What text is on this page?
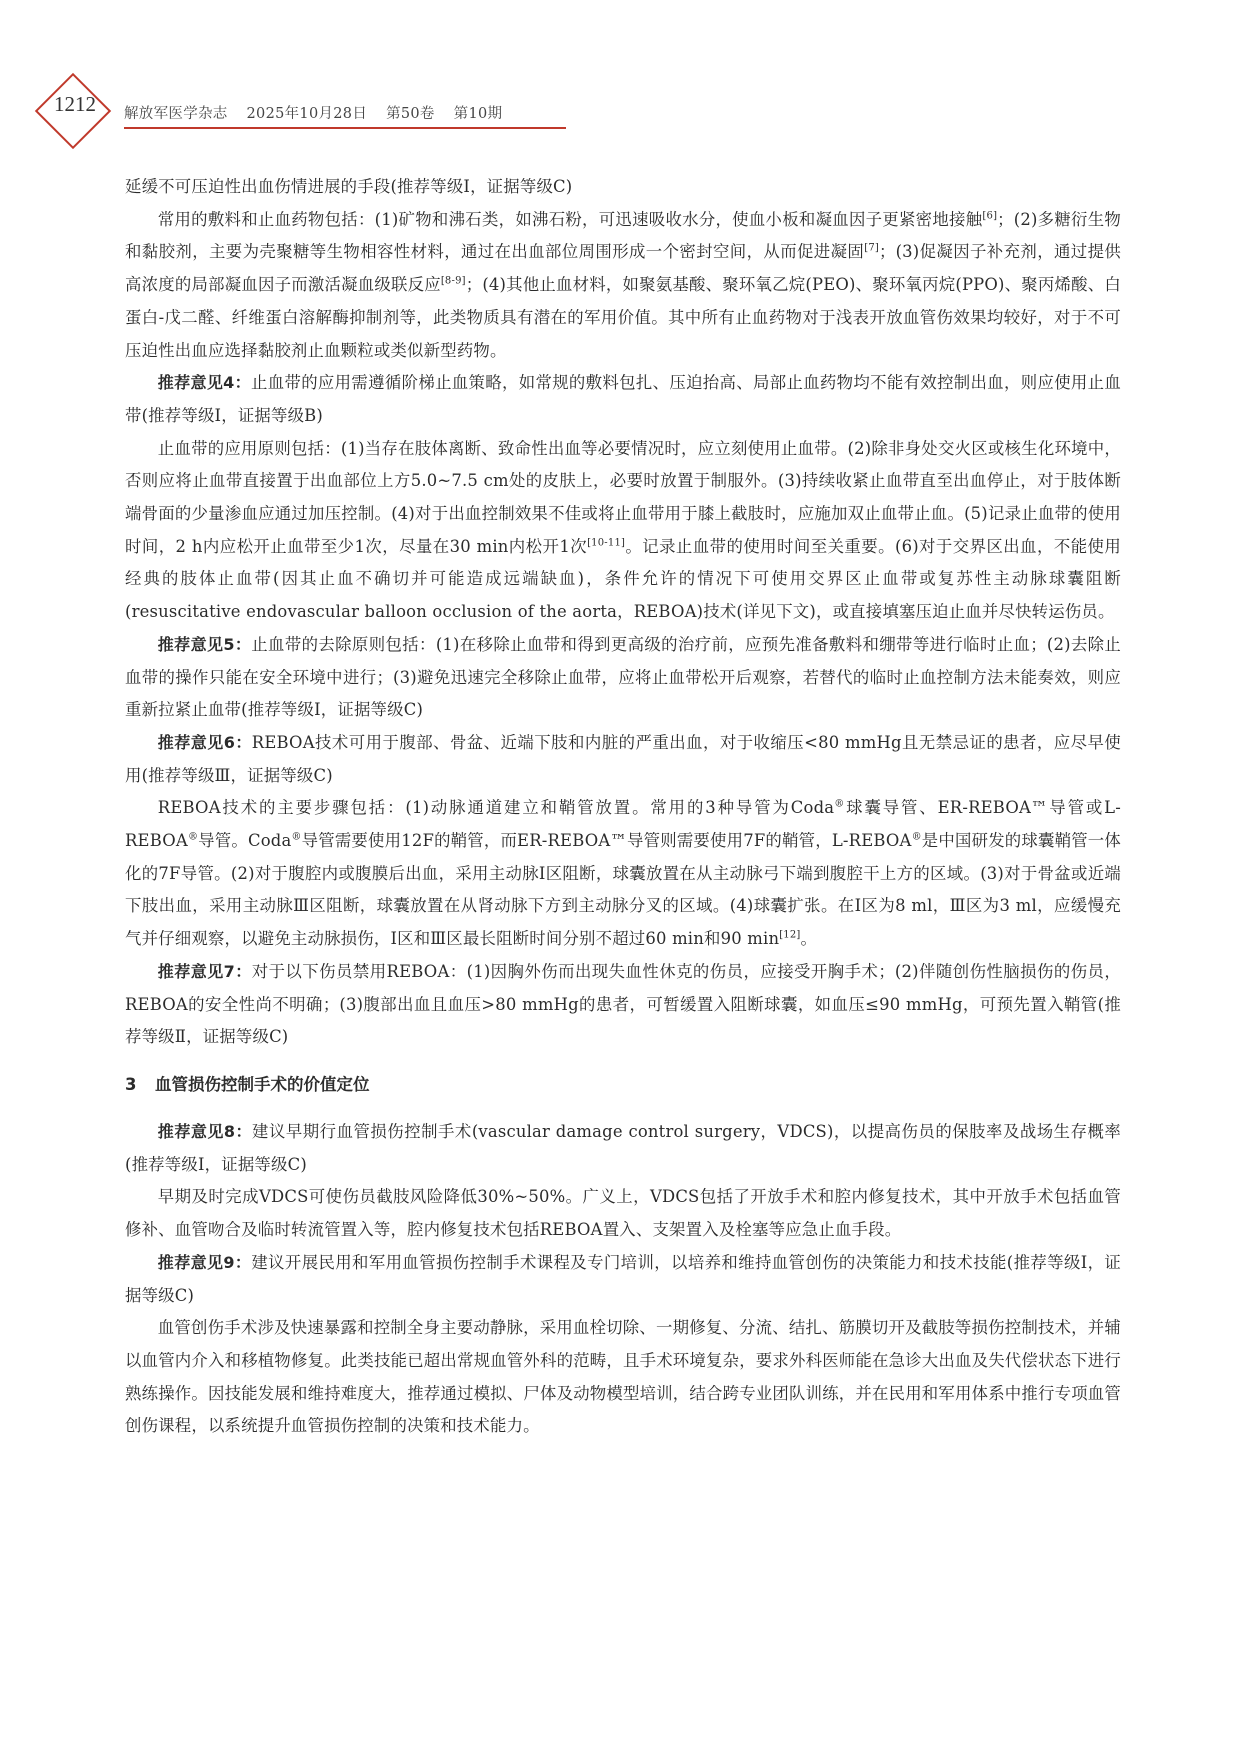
1212	解放军医学杂志 2025年10月28日 第50卷 第10期

延缓不可压迫性出血伤情进展的手段(推荐等级Ⅰ，证据等级C)

常用的敷料和止血药物包括：(1)矿物和沸石类，如沸石粉，可迅速吸收水分，使血小板和凝血因子更紧密地接触[6]；(2)多糖衍生物和黏胶剂，主要为壳聚糖等生物相容性材料，通过在出血部位周围形成一个密封空间，从而促进凝固[7]；(3)促凝因子补充剂，通过提供高浓度的局部凝血因子而激活凝血级联反应[8-9]；(4)其他止血材料，如聚氨基酸、聚环氧乙烷(PEO)、聚环氧丙烷(PPO)、聚丙烯酸、白蛋白-戊二醛、纤维蛋白溶解酶抑制剂等，此类物质具有潜在的军用价值。其中所有止血药物对于浅表开放血管伤效果均较好，对于不可压迫性出血应选择黏胶剂止血颗粒或类似新型药物。

推荐意见4：止血带的应用需遵循阶梯止血策略，如常规的敷料包扎、压迫抬高、局部止血药物均不能有效控制出血，则应使用止血带(推荐等级Ⅰ，证据等级B)

止血带的应用原则包括：(1)当存在肢体离断、致命性出血等必要情况时，应立刻使用止血带。(2)除非身处交火区或核生化环境中，否则应将止血带直接置于出血部位上方5.0~7.5 cm处的皮肤上，必要时放置于制服外。(3)持续收紧止血带直至出血停止，对于肢体断端骨面的少量渗血应通过加压控制。(4)对于出血控制效果不佳或将止血带用于膝上截肢时，应施加双止血带止血。(5)记录止血带的使用时间，2 h内应松开止血带至少1次，尽量在30 min内松开1次[10-11]。记录止血带的使用时间至关重要。(6)对于交界区出血，不能使用经典的肢体止血带(因其止血不确切并可能造成远端缺血)，条件允许的情况下可使用交界区止血带或复苏性主动脉球囊阻断(resuscitative endovascular balloon occlusion of the aorta，REBOA)技术(详见下文)，或直接填塞压迫止血并尽快转运伤员。

推荐意见5：止血带的去除原则包括：(1)在移除止血带和得到更高级的治疗前，应预先准备敷料和绷带等进行临时止血；(2)去除止血带的操作只能在安全环境中进行；(3)避免迅速完全移除止血带，应将止血带松开后观察，若替代的临时止血控制方法未能奏效，则应重新拉紧止血带(推荐等级Ⅰ，证据等级C)

推荐意见6：REBOA技术可用于腹部、骨盆、近端下肢和内脏的严重出血，对于收缩压<80 mmHg且无禁忌证的患者，应尽早使用(推荐等级Ⅲ，证据等级C)

REBOA技术的主要步骤包括：(1)动脉通道建立和鞘管放置。常用的3种导管为Coda®球囊导管、ER-REBOA™导管或L-REBOA®导管。Coda®导管需要使用12F的鞘管，而ER-REBOA™导管则需要使用7F的鞘管，L-REBOA®是中国研发的球囊鞘管一体化的7F导管。(2)对于腹腔内或腹膜后出血，采用主动脉Ⅰ区阻断，球囊放置在从主动脉弓下端到腹腔干上方的区域。(3)对于骨盆或近端下肢出血，采用主动脉Ⅲ区阻断，球囊放置在从肾动脉下方到主动脉分叉的区域。(4)球囊扩张。在Ⅰ区为8 ml，Ⅲ区为3 ml，应缓慢充气并仔细观察，以避免主动脉损伤，Ⅰ区和Ⅲ区最长阻断时间分别不超过60 min和90 min[12]。

推荐意见7：对于以下伤员禁用REBOA：(1)因胸外伤而出现失血性休克的伤员，应接受开胸手术；(2)伴随创伤性脑损伤的伤员，REBOA的安全性尚不明确；(3)腹部出血且血压>80 mmHg的患者，可暂缓置入阻断球囊，如血压≤90 mmHg，可预先置入鞘管(推荐等级Ⅱ，证据等级C)

3 血管损伤控制手术的价值定位

推荐意见8：建议早期行血管损伤控制手术(vascular damage control surgery，VDCS)，以提高伤员的保肢率及战场生存概率(推荐等级Ⅰ，证据等级C)

早期及时完成VDCS可使伤员截肢风险降低30%~50%。广义上，VDCS包括了开放手术和腔内修复技术，其中开放手术包括血管修补、血管吻合及临时转流管置入等，腔内修复技术包括REBOA置入、支架置入及栓塞等应急止血手段。

推荐意见9：建议开展民用和军用血管损伤控制手术课程及专门培训，以培养和维持血管创伤的决策能力和技术技能(推荐等级Ⅰ，证据等级C)

血管创伤手术涉及快速暴露和控制全身主要动静脉，采用血栓切除、一期修复、分流、结扎、筋膜切开及截肢等损伤控制技术，并辅以血管内介入和移植物修复。此类技能已超出常规血管外科的范畴，且手术环境复杂，要求外科医师能在急诊大出血及失代偿状态下进行熟练操作。因技能发展和维持难度大，推荐通过模拟、尸体及动物模型培训，结合跨专业团队训练，并在民用和军用体系中推行专项血管创伤课程，以系统提升血管损伤控制的决策和技术能力。
